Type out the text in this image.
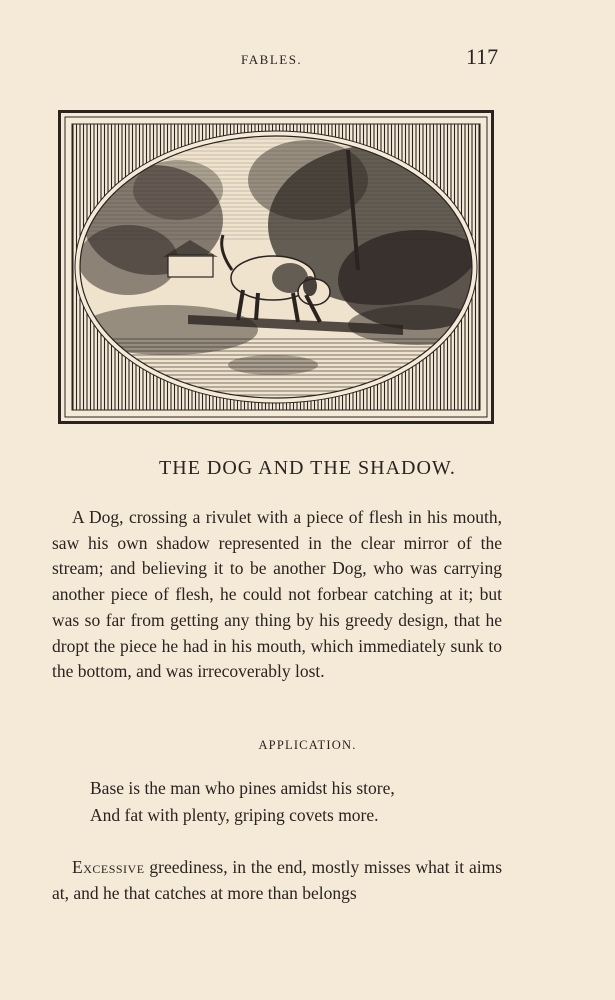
FABLES.	117
THE DOG AND THE SHADOW.
A Dog, crossing a rivulet with a piece of flesh in his mouth, saw his own shadow represented in the clear mirror of the stream; and believing it to be another Dog, who was carrying another piece of flesh, he could not forbear catching at it; but was so far from getting any thing by his greedy design, that he dropt the piece he had in his mouth, which immediately sunk to the bottom, and was irrecoverably lost.
APPLICATION.
Base is the man who pines amidst his store,
And fat with plenty, griping covets more.
Excessive greediness, in the end, mostly misses what it aims at, and he that catches at more than belongs
